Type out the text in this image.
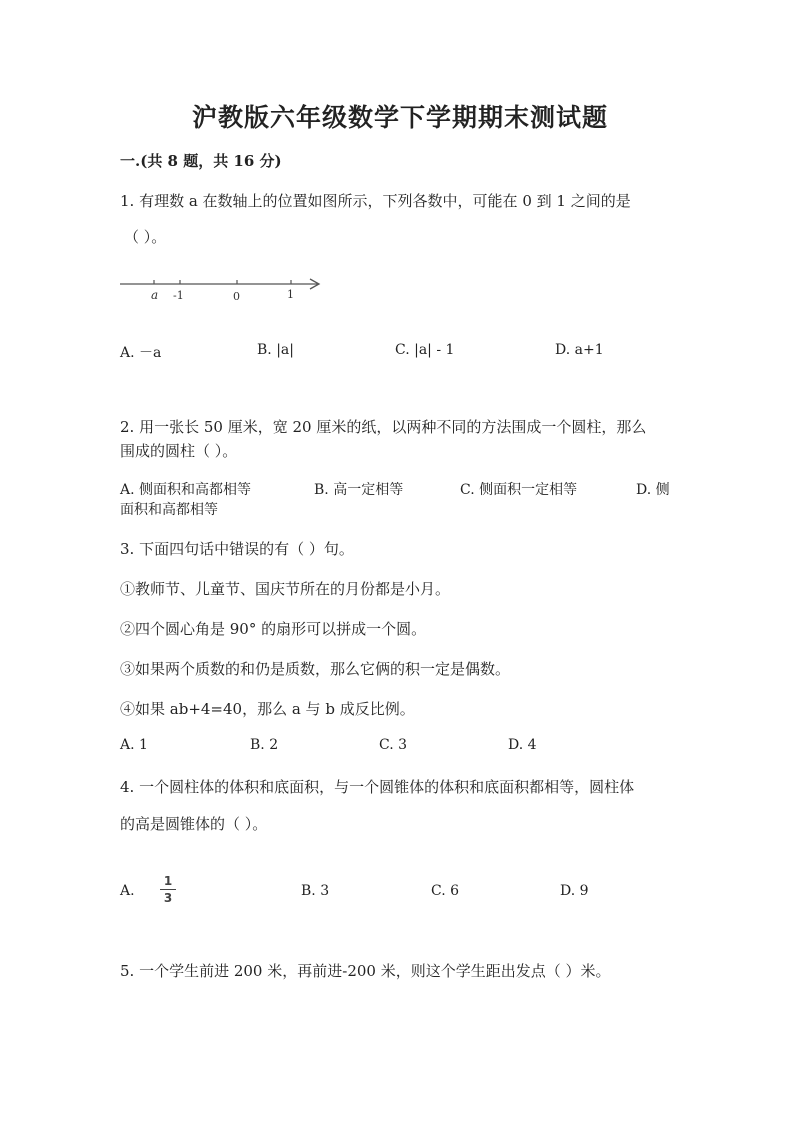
沪教版六年级数学下学期期末测试题
一.(共 8 题，共 16 分)
1. 有理数 a 在数轴上的位置如图所示，下列各数中，可能在 0 到 1 之间的是
（ ）。
a -1	0	1
A. －a	B. |a|	C. |a| - 1	D. a+1
2. 用一张长 50 厘米，宽 20 厘米的纸，以两种不同的方法围成一个圆柱，那么
围成的圆柱（ ）。
A. 侧面积和高都相等	B. 高一定相等	C. 侧面积一定相等	D. 侧
面积和高都相等
3. 下面四句话中错误的有（ ）句。
①教师节、儿童节、国庆节所在的月份都是小月。
②四个圆心角是 90° 的扇形可以拼成一个圆。
③如果两个质数的和仍是质数，那么它俩的积一定是偶数。
④如果 ab+4=40，那么 a 与 b 成反比例。
A. 1	B. 2	C. 3	D. 4
4. 一个圆柱体的体积和底面积，与一个圆锥体的体积和底面积都相等，圆柱体
的高是圆锥体的（ ）。
A.
1
3	B. 3	C. 6	D. 9
5. 一个学生前进 200 米，再前进-200 米，则这个学生距出发点（ ）米。
